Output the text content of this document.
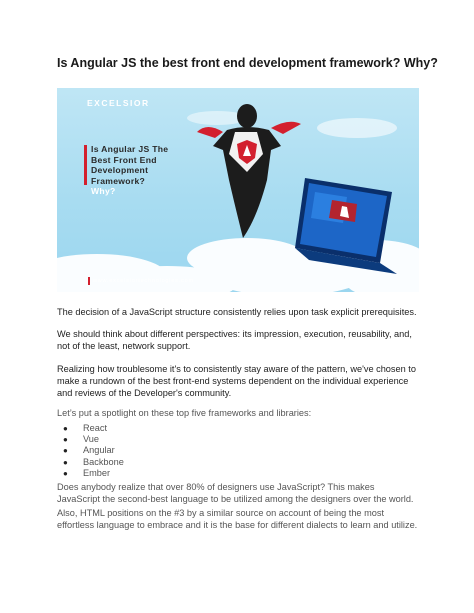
Is Angular JS the best front end development framework? Why?
EXCELSIOR
Is Angular JS The
Best Front End
Development
Framework?
Why?
www.excelsiortechnologies.com
The decision of a JavaScript structure consistently relies upon task explicit prerequisites.
We should think about different perspectives: its impression, execution, reusability, and, not of the least, network support.
Realizing how troublesome it's to consistently stay aware of the pattern, we've chosen to make a rundown of the best front-end systems dependent on the individual experience and reviews of the Developer's community.
Let’s put a spotlight on these top five frameworks and libraries:
● React
● Vue
● Angular
● Backbone
● Ember
Does anybody realize that over 80% of designers use JavaScript? This makes JavaScript the second-best language to be utilized among the designers over the world.
Also, HTML positions on the #3 by a similar source on account of being the most effortless language to embrace and it is the base for different dialects to learn and utilize.
